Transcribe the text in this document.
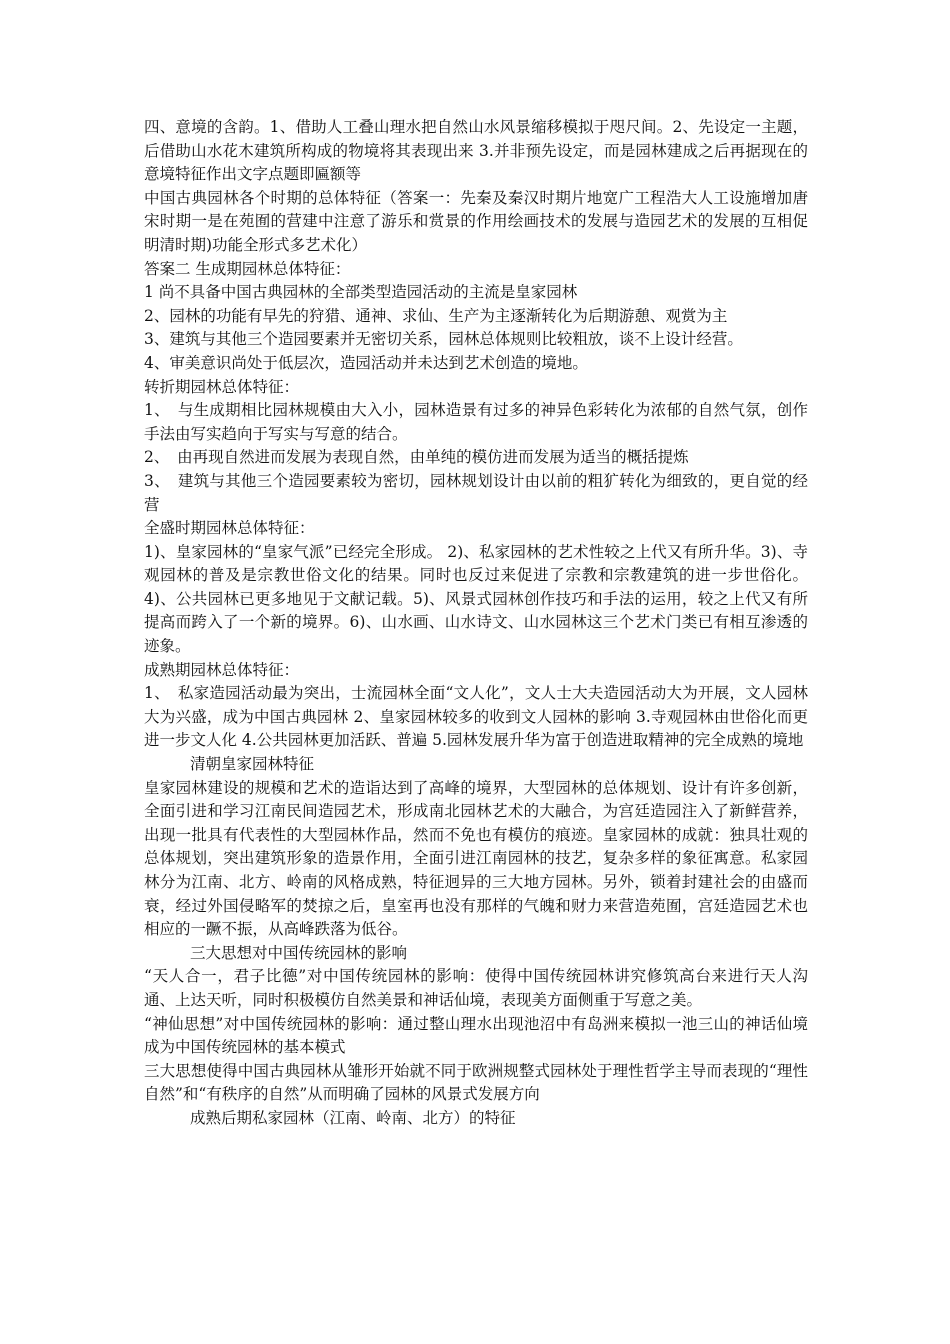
四、意境的含韵。1、借助人工叠山理水把自然山水风景缩移模拟于咫尺间。2、先设定一主题，后借助山水花木建筑所构成的物境将其表现出来 3.并非预先设定，而是园林建成之后再据现在的意境特征作出文字点题即匾额等

中国古典园林各个时期的总体特征（答案一：先秦及秦汉时期片地宽广工程浩大人工设施增加唐宋时期一是在苑囿的营建中注意了游乐和赏景的作用绘画技术的发展与造园艺术的发展的互相促明清时期)功能全形式多艺术化）

答案二 生成期园林总体特征：

1 尚不具备中国古典园林的全部类型造园活动的主流是皇家园林

2、园林的功能有早先的狩猎、通神、求仙、生产为主逐渐转化为后期游憩、观赏为主

3、建筑与其他三个造园要素并无密切关系，园林总体规则比较粗放，谈不上设计经营。

4、审美意识尚处于低层次，造园活动并未达到艺术创造的境地。

转折期园林总体特征：

1、　与生成期相比园林规模由大入小，园林造景有过多的神异色彩转化为浓郁的自然气氛，创作手法由写实趋向于写实与写意的结合。

2、　由再现自然进而发展为表现自然，由单纯的模仿进而发展为适当的概括提炼

3、　建筑与其他三个造园要素较为密切，园林规划设计由以前的粗犷转化为细致的，更自觉的经营

全盛时期园林总体特征：

1)、皇家园林的“皇家气派”已经完全形成。 2)、私家园林的艺术性较之上代又有所升华。3)、寺观园林的普及是宗教世俗文化的结果。同时也反过来促进了宗教和宗教建筑的进一步世俗化。4)、公共园林已更多地见于文献记载。5)、风景式园林创作技巧和手法的运用，较之上代又有所提高而跨入了一个新的境界。6)、山水画、山水诗文、山水园林这三个艺术门类已有相互渗透的迹象。

成熟期园林总体特征：

1、　私家造园活动最为突出，士流园林全面“文人化”，文人士大夫造园活动大为开展，文人园林大为兴盛，成为中国古典园林 2、皇家园林较多的收到文人园林的影响 3.寺观园林由世俗化而更进一步文人化 4.公共园林更加活跃、普遍 5.园林发展升华为富于创造进取精神的完全成熟的境地

清朝皇家园林特征

皇家园林建设的规模和艺术的造诣达到了高峰的境界，大型园林的总体规划、设计有许多创新，全面引进和学习江南民间造园艺术，形成南北园林艺术的大融合，为宫廷造园注入了新鲜营养，出现一批具有代表性的大型园林作品，然而不免也有模仿的痕迹。皇家园林的成就：独具壮观的总体规划，突出建筑形象的造景作用，全面引进江南园林的技艺，复杂多样的象征寓意。私家园林分为江南、北方、岭南的风格成熟，特征迥异的三大地方园林。另外，锁着封建社会的由盛而衰，经过外国侵略军的焚掠之后，皇室再也没有那样的气魄和财力来营造苑囿，宫廷造园艺术也相应的一蹶不振，从高峰跌落为低谷。

三大思想对中国传统园林的影响

“天人合一，君子比德”对中国传统园林的影响：使得中国传统园林讲究修筑高台来进行天人沟通、上达天听，同时积极模仿自然美景和神话仙境，表现美方面侧重于写意之美。

“神仙思想”对中国传统园林的影响：通过整山理水出现池沼中有岛洲来模拟一池三山的神话仙境成为中国传统园林的基本模式

三大思想使得中国古典园林从雏形开始就不同于欧洲规整式园林处于理性哲学主导而表现的“理性自然”和“有秩序的自然”从而明确了园林的风景式发展方向

成熟后期私家园林（江南、岭南、北方）的特征
